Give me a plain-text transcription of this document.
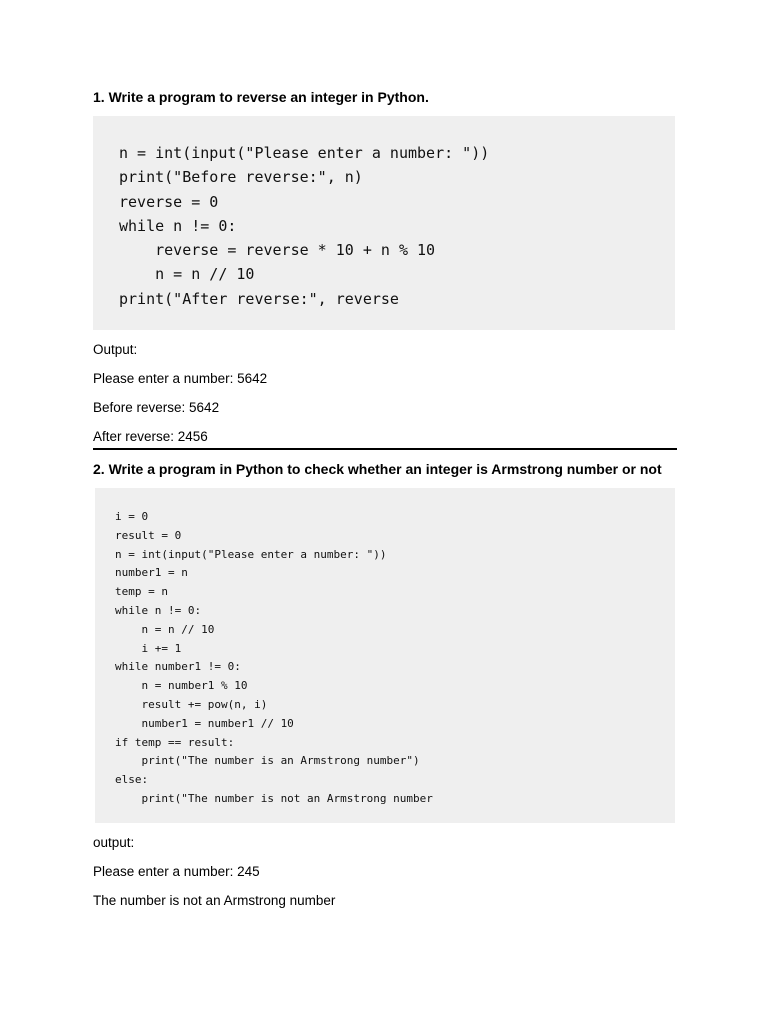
1. Write a program to reverse an integer in Python.
n = int(input("Please enter a number: "))
print("Before reverse:", n)
reverse = 0
while n != 0:
reverse = reverse * 10 + n % 10
n = n // 10
print("After reverse:", reverse
Output:
Please enter a number: 5642
Before reverse: 5642
After reverse: 2456
2. Write a program in Python to check whether an integer is Armstrong number or not
i = 0
result = 0
n = int(input("Please enter a number: "))
number1 = n
temp = n
while n != 0:
n = n // 10
i += 1
while number1 != 0:
n = number1 % 10
result += pow(n, i)
number1 = number1 // 10
if temp == result:
print("The number is an Armstrong number")
else:
print("The number is not an Armstrong number
output:
Please enter a number: 245
The number is not an Armstrong number
